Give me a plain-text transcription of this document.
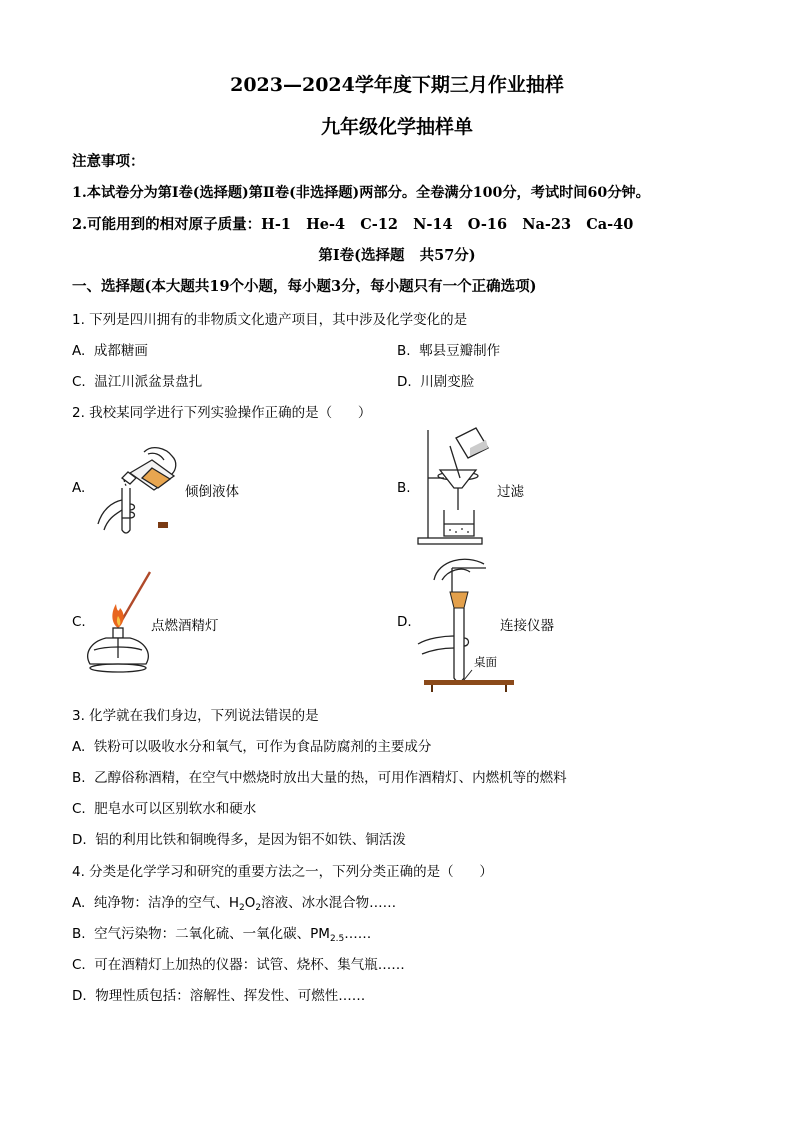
2023—2024学年度下期三月作业抽样
九年级化学抽样单
注意事项：
1.本试卷分为第Ⅰ卷(选择题)第Ⅱ卷(非选择题)两部分。全卷满分100分，考试时间60分钟。
2.可能用到的相对原子质量：H-1   He-4   C-12   N-14   O-16   Na-23   Ca-40
第Ⅰ卷(选择题   共57分)
一、选择题(本大题共19个小题，每小题3分，每小题只有一个正确选项)
1. 下列是四川拥有的非物质文化遗产项目，其中涉及化学变化的是
A.  成都糖画	B.  郫县豆瓣制作
C.  温江川派盆景盘扎	D.  川剧变脸
2. 我校某同学进行下列实验操作正确的是（      ）
A.	倾倒液体	B.	过滤
C.	点燃酒精灯	D.	连接仪器
桌面
3. 化学就在我们身边，下列说法错误的是
A.  铁粉可以吸收水分和氧气，可作为食品防腐剂的主要成分
B.  乙醇俗称酒精，在空气中燃烧时放出大量的热，可用作酒精灯、内燃机等的燃料
C.  肥皂水可以区别软水和硬水
D.  铝的利用比铁和铜晚得多，是因为铝不如铁、铜活泼
4. 分类是化学学习和研究的重要方法之一，下列分类正确的是（      ）
A.  纯净物：洁净的空气、$H_2O_2$溶液、冰水混合物……
B.  空气污染物：二氧化硫、一氧化碳、$PM_{2.5}\dots\dots$
C.  可在酒精灯上加热的仪器：试管、烧杯、集气瓶……
D.  物理性质包括：溶解性、挥发性、可燃性……
